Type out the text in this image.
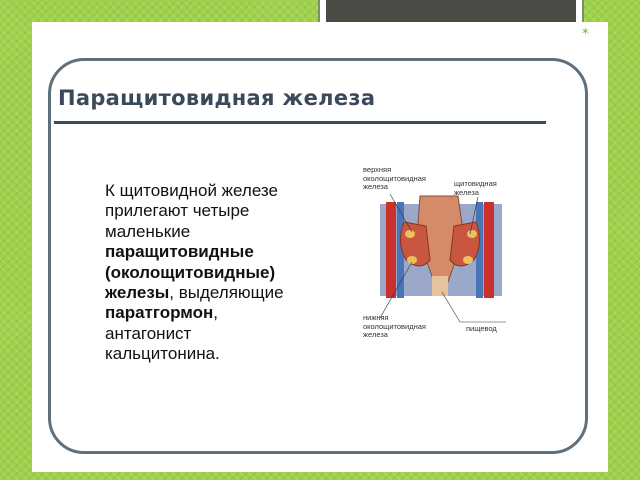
✶
Паращитовидная железа

К щитовидной железе
прилегают четыре
маленькие
паращитовидные
(околощитовидные)
железы, выделяющие
паратгормон,
антагонист
кальцитонина.

верхняя
околощитовидная
железа	щитовидная
железа
нижняя
околощитовидная
железа
пищевод
